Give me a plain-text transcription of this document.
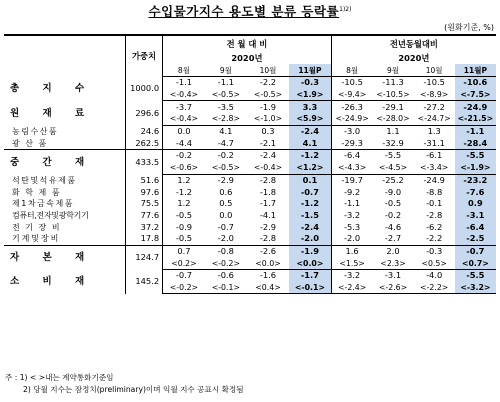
수입물가지수 용도별 분류 등락률$^{1)2)}$
(원화기준, %)
	가중치	전 월 대 비				전년동월대비			
		2020년				2020년			
		8월	9월	10월	11월P	8월	9월	10월	11월P
총 지 수	1000.0	-1.1	-1.1	-2.2	-0.3	-10.5	-11.3	-10.5	-10.6
		<-0.4>	<-0.5>	<-0.5>	<1.9>	<-9.4>	<-10.5>	<-8.9>	<-7.5>
원 재 료	296.6	-3.7	-3.5	-1.9	3.3	-26.3	-29.1	-27.2	-24.9
		<-0.4>	<-2.8>	<-1.0>	<5.9>	<-24.9>	<-28.0>	<-24.7>	<-21.5>
농림수산품	24.6	0.0	4.1	0.3	-2.4	-3.0	1.1	1.3	-1.1
광 산 품	262.5	-4.4	-4.7	-2.1	4.1	-29.3	-32.9	-31.1	-28.4
중 간 재	433.5	-0.2	-0.2	-2.4	-1.2	-6.4	-5.5	-6.1	-5.5
		<-0.6>	<-0.5>	<-0.4>	<1.2>	<-4.3>	<-4.5>	<-3.4>	<-1.9>
석탄및석유제품	51.6	1.2	-2.9	-2.8	0.1	-19.7	-25.2	-24.9	-23.2
화 학 제 품	97.6	-1.2	0.6	-1.8	-0.7	-9.2	-9.0	-8.8	-7.6
제1차금속제품	75.5	1.2	0.5	-1.7	-1.2	-1.1	-0.5	-0.1	0.9
컴퓨터,전자및광학기기	77.6	-0.5	0.0	-4.1	-1.5	-3.2	-0.2	-2.8	-3.1
전 기 장 비	37.2	-0.9	-0.7	-2.9	-2.4	-5.3	-4.6	-6.2	-6.4
기 계 및 장 비	17.8	-0.5	-2.0	-2.8	-2.0	-2.0	-2.7	-2.2	-2.5
자 본 재	124.7	0.7	-0.8	-2.6	-1.9	1.6	2.0	-0.3	-0.7
		<0.2>	<-0.2>	<0.0>	<0.0>	<1.5>	<2.3>	<0.5>	<0.7>
소 비 재	145.2	-0.7	-0.6	-1.6	-1.7	-3.2	-3.1	-4.0	-5.5
		<-0.2>	<-0.1>	<0.4>	<-0.1>	<-2.4>	<-2.6>	<-2.2>	<-3.2>
주 : 1) < >내는 계약통화기준임
2) 당월 지수는 잠정치(preliminary)이며 익월 지수 공표시 확정됨
